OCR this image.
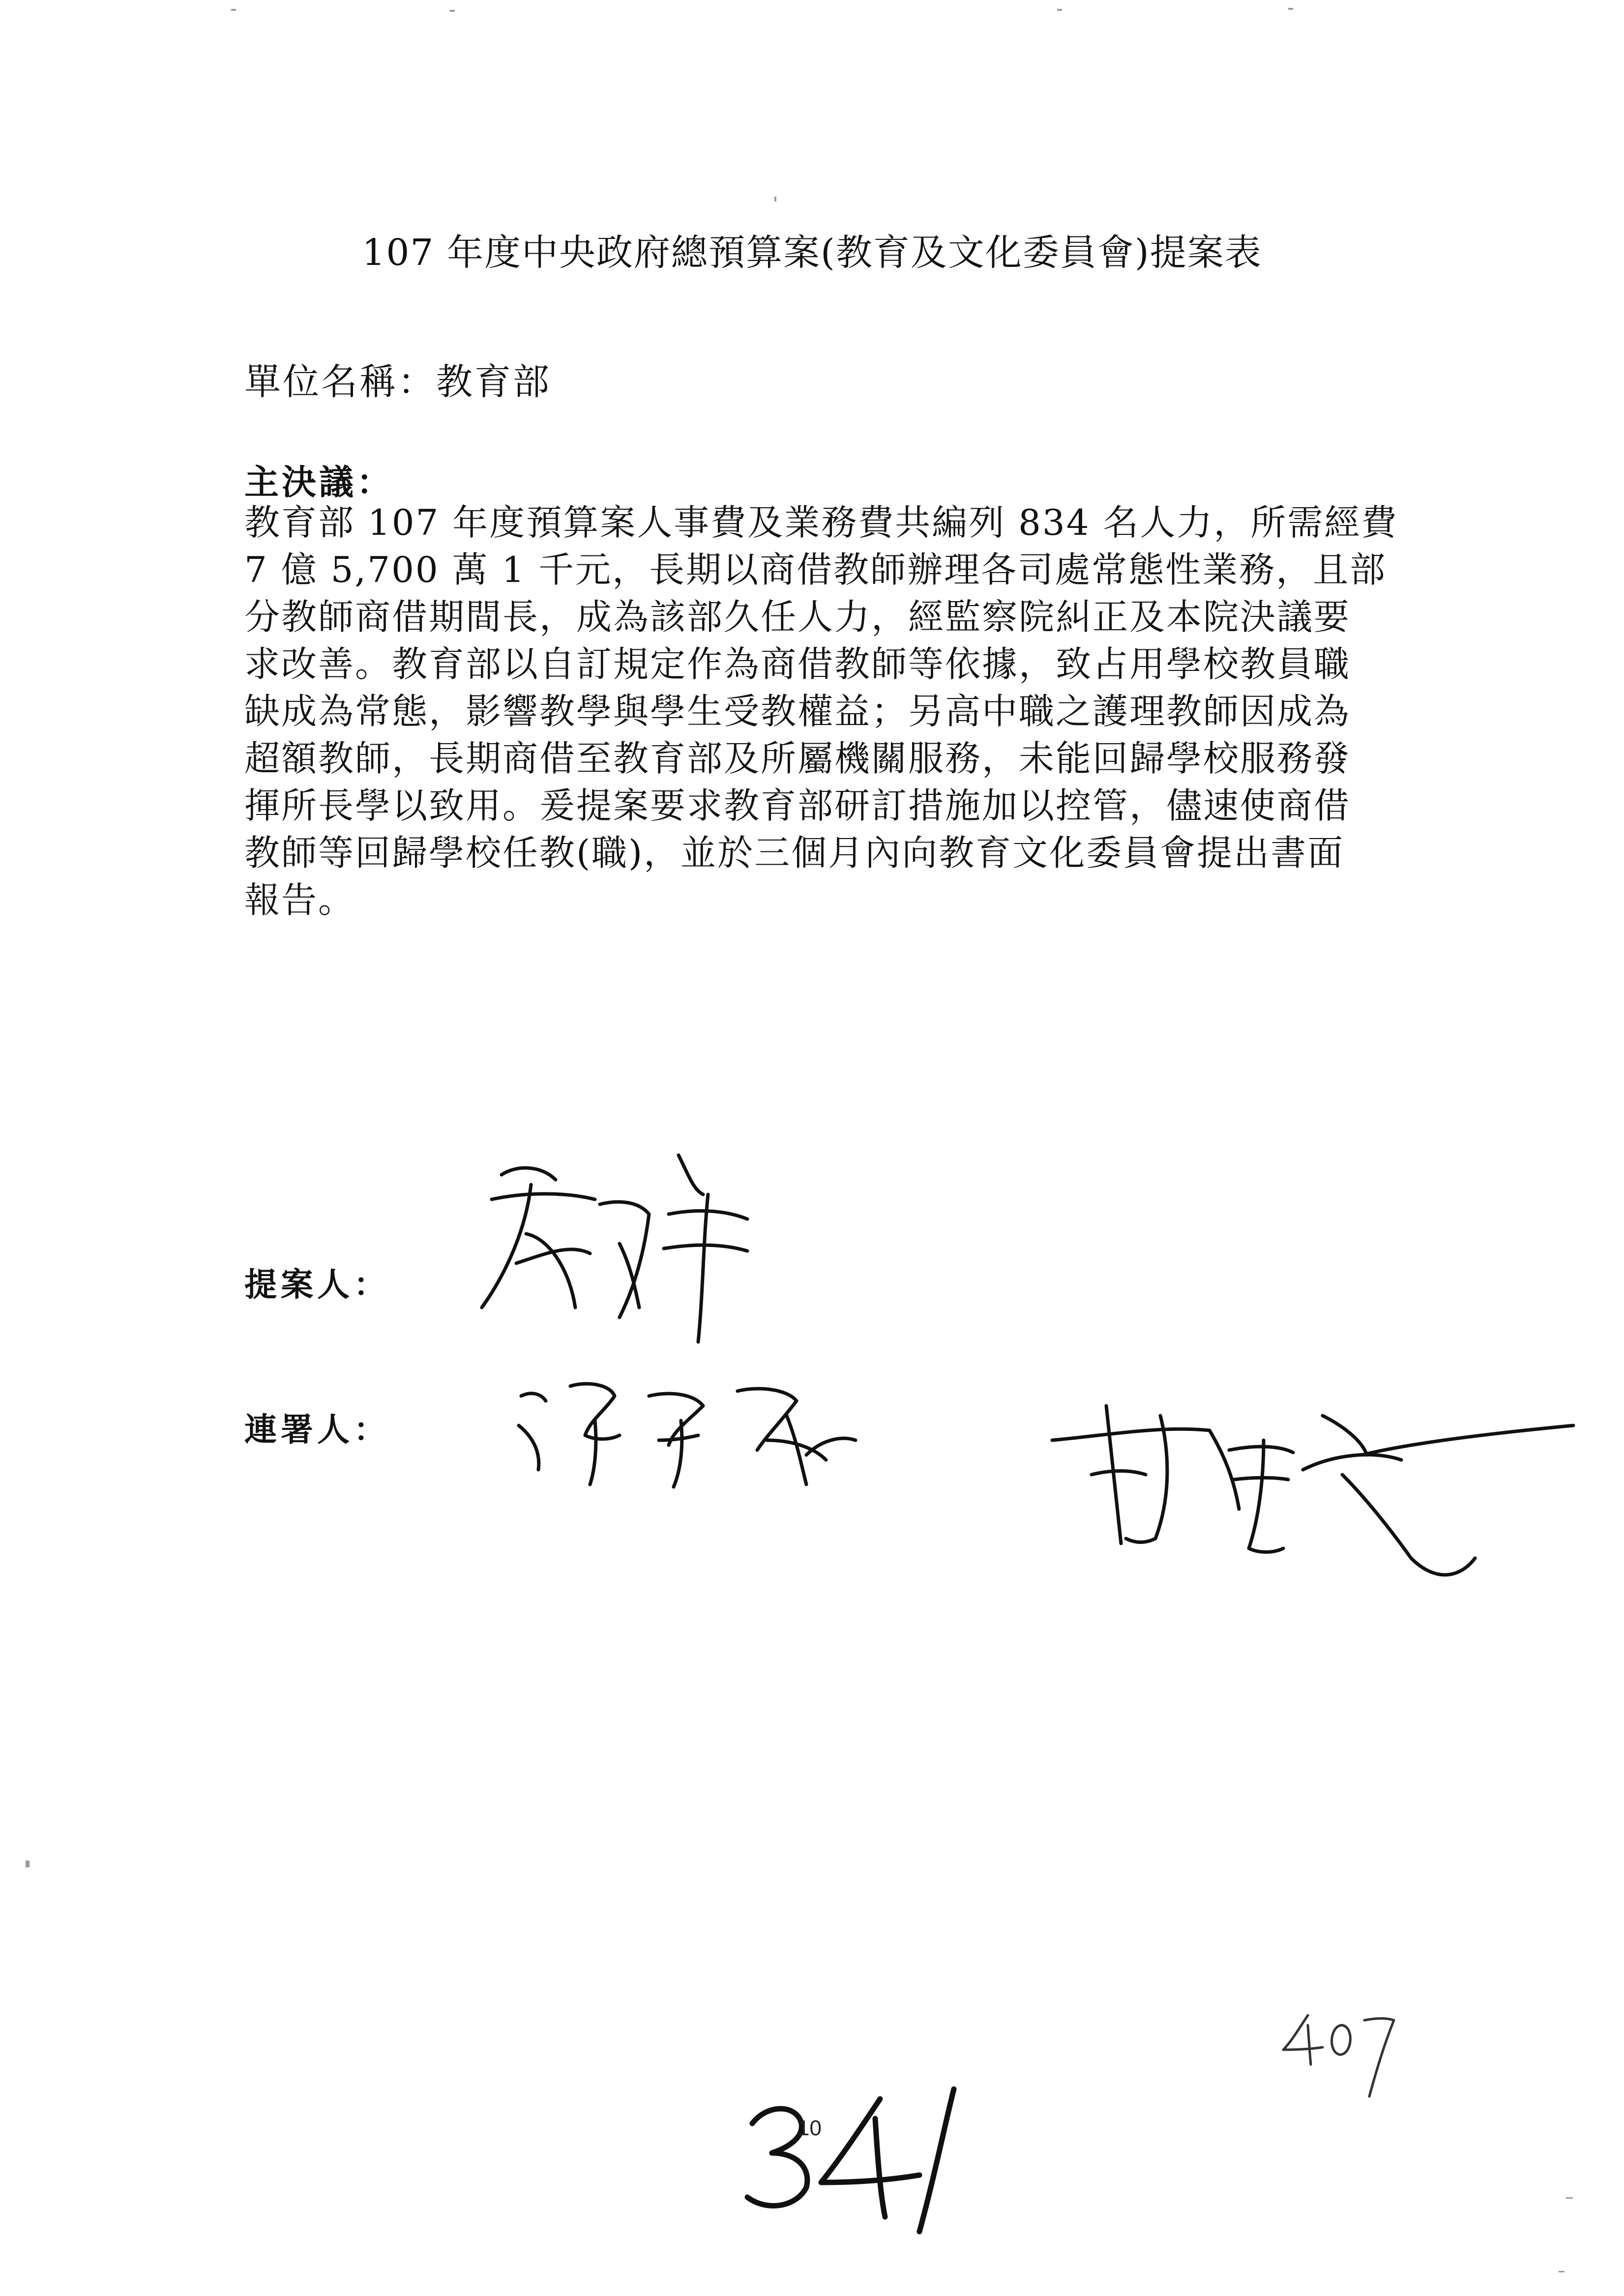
107 年度中央政府總預算案(教育及文化委員會)提案表
單位名稱：教育部
主決議：
教育部 107 年度預算案人事費及業務費共編列 834 名人力，所需經費
7 億 5,700 萬 1 千元，長期以商借教師辦理各司處常態性業務，且部
分教師商借期間長，成為該部久任人力，經監察院糾正及本院決議要
求改善。教育部以自訂規定作為商借教師等依據，致占用學校教員職
缺成為常態，影響教學與學生受教權益；另高中職之護理教師因成為
超額教師，長期商借至教育部及所屬機關服務，未能回歸學校服務發
揮所長學以致用。爰提案要求教育部研訂措施加以控管，儘速使商借
教師等回歸學校任教(職)，並於三個月內向教育文化委員會提出書面
報告。
提案人：
連署人：
10
